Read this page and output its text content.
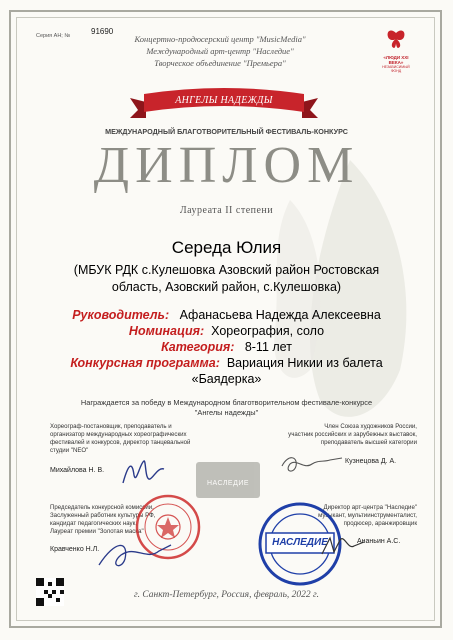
Серия АН; №	91690
Концертно-продюсерский центр "MusicMedia"
Международный арт-центр "Наследие"
Творческое объединение "Премьера"
«ЛЮДИ XXI ВЕКА»
НЕЗАВИСИМЫЙ ФОНД
АНГЕЛЫ НАДЕЖДЫ
МЕЖДУНАРОДНЫЙ БЛАГОТВОРИТЕЛЬНЫЙ ФЕСТИВАЛЬ-КОНКУРС
ДИПЛОМ
Лауреата II степени
Середа Юлия
(МБУК РДК с.Кулешовка Азовский район Ростовская
область, Азовский район, с.Кулешовка)
Руководитель: Афанасьева Надежда Алексеевна
Номинация: Хореография, соло
Категория: 8-11 лет
Конкурсная программа: Вариация Никии из балета
«Баядерка»
Награждается за победу в Международном благотворительном фестивале-конкурсе
"Ангелы надежды"
Хореограф-постановщик, преподаватель и
организатор международных хореографических
фестивалей и конкурсов, директор танцевальной
студии "NEO"
Член Союза художников России,
участник российских и зарубежных выставок,
преподаватель высшей категории
Михайлова Н. В.
Кузнецова Д. А.
НАСЛЕДИЕ
Председатель конкурсной комиссии,
Заслуженный работник культуры РФ,
кандидат педагогических наук,
Лауреат премии "Золотая маска"
Директор арт-центра "Наследие"
музыкант, мультиинструменталист,
продюсер, аранжировщик
НАСЛЕДИЕ
Кравченко Н.Л.
Ананьин А.С.
г. Санкт-Петербург, Россия, февраль, 2022 г.
